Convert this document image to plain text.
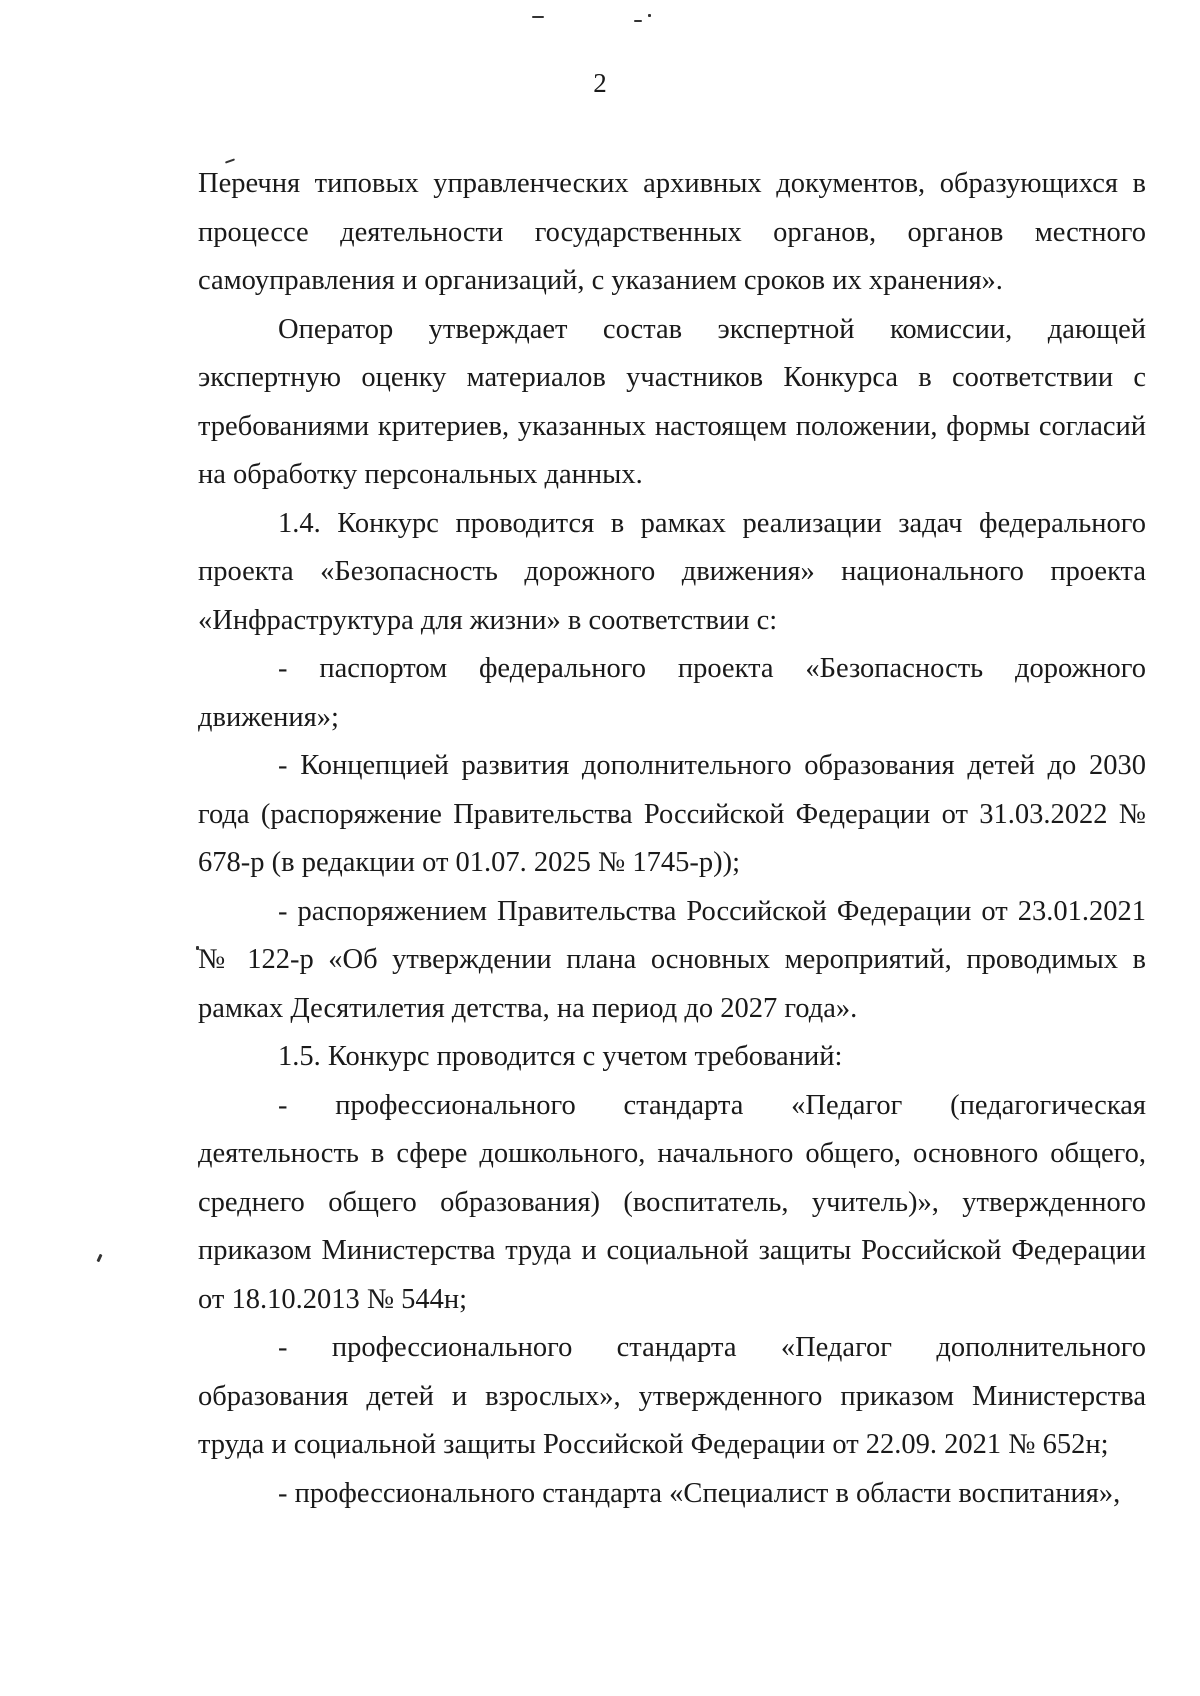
2

Перечня типовых управленческих архивных документов, образующихся в процессе деятельности государственных органов, органов местного самоуправления и организаций, с указанием сроков их хранения».

Оператор утверждает состав экспертной комиссии, дающей экспертную оценку материалов участников Конкурса в соответствии с требованиями критериев, указанных настоящем положении, формы согласий на обработку персональных данных.

1.4. Конкурс проводится в рамках реализации задач федерального проекта «Безопасность дорожного движения» национального проекта «Инфраструктура для жизни» в соответствии с:

- паспортом федерального проекта «Безопасность дорожного движения»;

- Концепцией развития дополнительного образования детей до 2030 года (распоряжение Правительства Российской Федерации от 31.03.2022 № 678-р (в редакции от 01.07. 2025 № 1745-р));

- распоряжением Правительства Российской Федерации от 23.01.2021 № 122-р «Об утверждении плана основных мероприятий, проводимых в рамках Десятилетия детства, на период до 2027 года».

1.5. Конкурс проводится с учетом требований:

- профессионального стандарта «Педагог (педагогическая деятельность в сфере дошкольного, начального общего, основного общего, среднего общего образования) (воспитатель, учитель)», утвержденного приказом Министерства труда и социальной защиты Российской Федерации от 18.10.2013 № 544н;

- профессионального стандарта «Педагог дополнительного образования детей и взрослых», утвержденного приказом Министерства труда и социальной защиты Российской Федерации от 22.09. 2021 № 652н;

- профессионального стандарта «Специалист в области воспитания»,
